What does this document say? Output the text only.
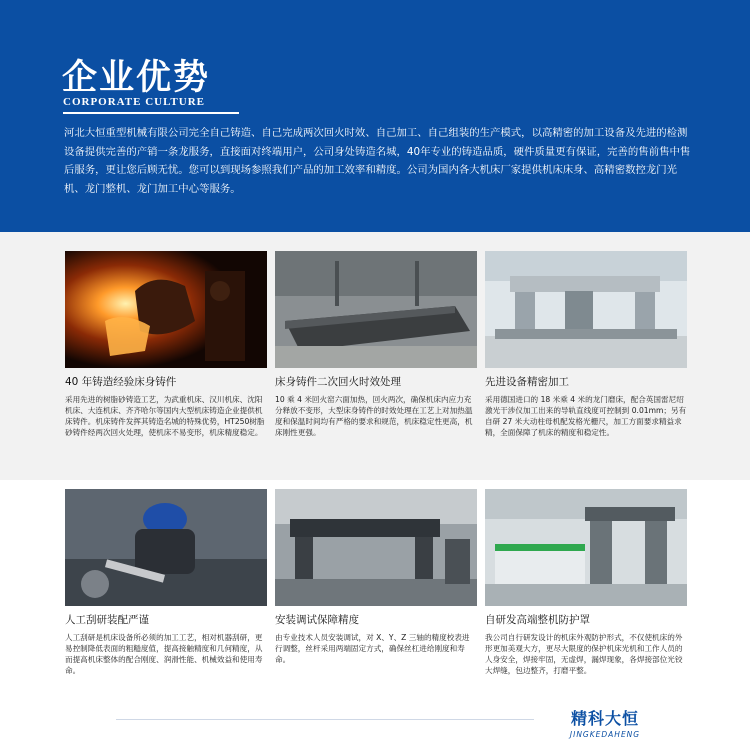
企业优势
CORPORATE CULTURE

河北大恒重型机械有限公司完全自己铸造、自己完成两次回火时效、自己加工、自己组装的生产模式，以高精密的加工设备及先进的检测设备提供完善的产销一条龙服务，直接面对终端用户，公司身处铸造名城，40年专业的铸造品质，硬件质量更有保证，完善的售前售中售后服务，更让您后顾无忧。您可以到现场参照我们产品的加工效率和精度。公司为国内各大机床厂家提供机床床身、高精密数控龙门光机、龙门整机、龙门加工中心等服务。

40 年铸造经验床身铸件
采用先进的树脂砂铸造工艺，为武重机床、汉川机床、沈阳机床、大连机床、齐齐哈尔等国内大型机床铸造企业提供机床铸件。机床铸件发挥其铸造名城的特殊优势，HT250树脂砂铸件经两次回火处理，使机床不易变形，机床精度稳定。
床身铸件二次回火时效处理
10 乘 4 米回火窑六面加热，回火两次，确保机床内应力充分释放不变形，大型床身铸件的时效处理在工艺上对加热温度和保温时间均有严格的要求和规范，机床稳定性更高，机床刚性更强。
先进设备精密加工
采用德国进口的 18 米乘 4 米的龙门磨床，配合英国雷尼绍激光干涉仪加工出来的导轨直线度可控制到 0.01mm；另有自研 27 米大动柱母机配发格光栅尺，加工方面要求精益求精，全面保障了机床的精度和稳定性。
人工刮研装配严谨
人工刮研是机床设备所必须的加工工艺，相对机器刮研，更易控制降低表面的粗糙度值，提高接触精度和几何精度，从而提高机床整体的配合刚度、润滑性能、机械效益和使用寿命。
安装调试保障精度
由专业技术人员安装调试，对 X、Y、Z 三轴的精度校表进行调整，丝杆采用两端固定方式，确保丝杠进给刚度和寿命。
自研发高端整机防护罩
我公司自行研发设计的机床外观防护形式，不仅使机床的外形更加美观大方，更尽大限度的保护机床光机和工作人员的人身安全，焊接牢固，无虚焊，漏焊现象，各焊接部位光铰大焊缝，包边整齐，打磨平整。
精科大恒
JINGKEDAHENG
